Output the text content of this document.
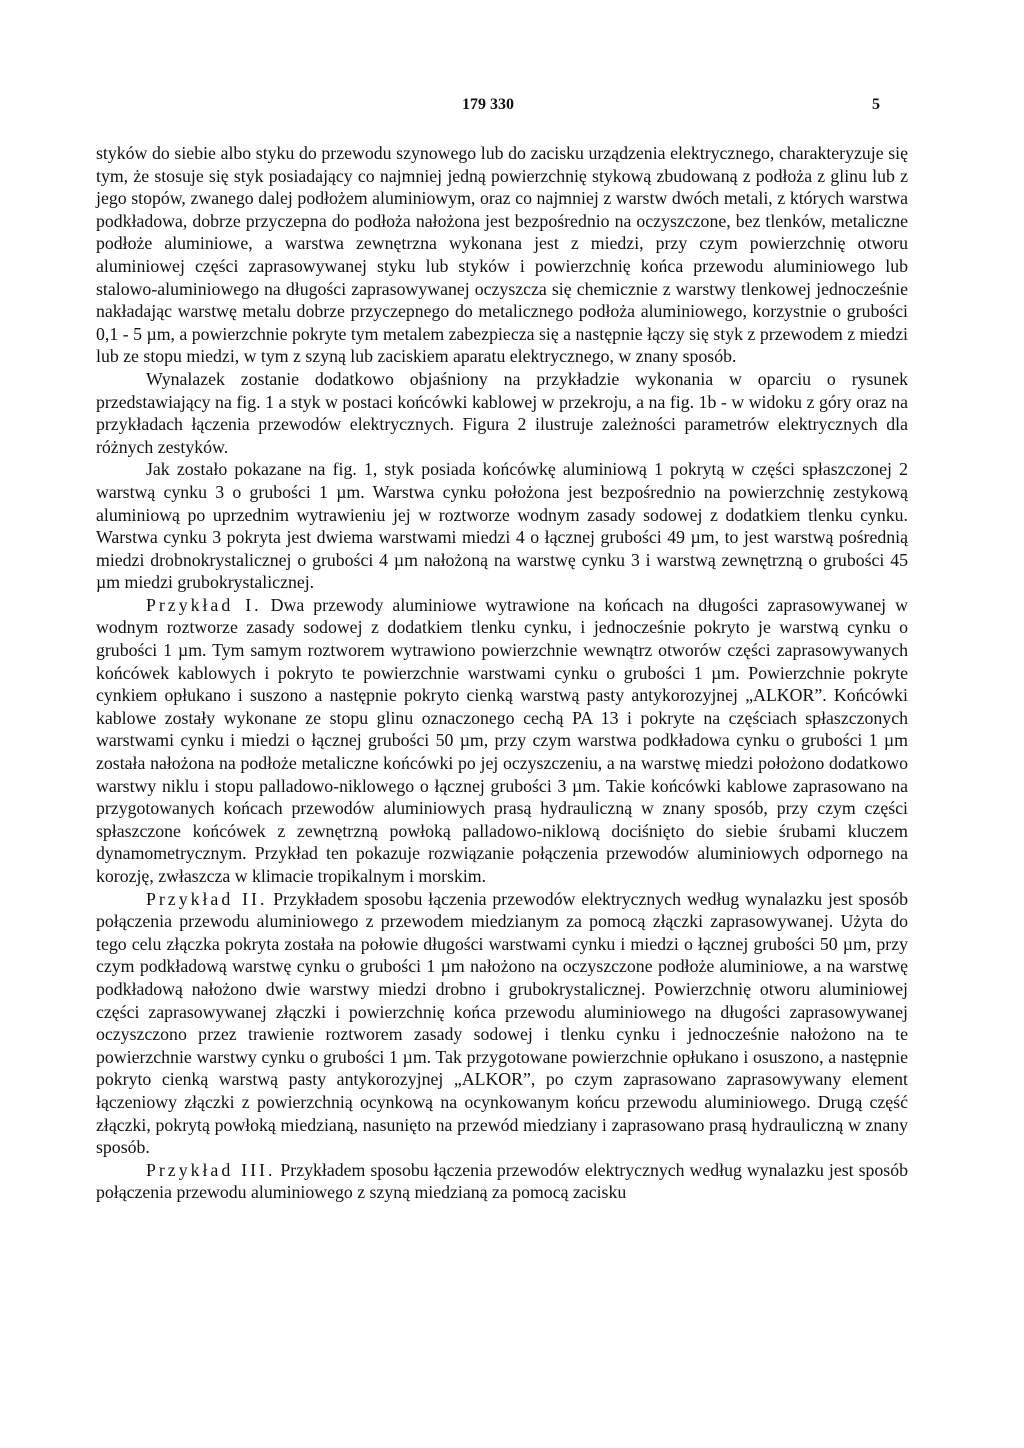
179 330	5

styków do siebie albo styku do przewodu szynowego lub do zacisku urządzenia elektrycznego, charakteryzuje się tym, że stosuje się styk posiadający co najmniej jedną powierzchnię stykową zbudowaną z podłoża z glinu lub z jego stopów, zwanego dalej podłożem aluminiowym, oraz co najmniej z warstw dwóch metali, z których warstwa podkładowa, dobrze przyczepna do podłoża nałożona jest bezpośrednio na oczyszczone, bez tlenków, metaliczne podłoże aluminiowe, a warstwa zewnętrzna wykonana jest z miedzi, przy czym powierzchnię otworu aluminiowej części zaprasowywanej styku lub styków i powierzchnię końca przewodu aluminiowego lub stalowo-aluminiowego na długości zaprasowywanej oczyszcza się chemicznie z warstwy tlenkowej jednocześnie nakładając warstwę metalu dobrze przyczepnego do metalicznego podłoża aluminiowego, korzystnie o grubości 0,1 - 5 µm, a powierzchnie pokryte tym metalem zabezpiecza się a następnie łączy się styk z przewodem z miedzi lub ze stopu miedzi, w tym z szyną lub zaciskiem aparatu elektrycznego, w znany sposób.

Wynalazek zostanie dodatkowo objaśniony na przykładzie wykonania w oparciu o rysunek przedstawiający na fig. 1 a styk w postaci końcówki kablowej w przekroju, a na fig. 1b - w widoku z góry oraz na przykładach łączenia przewodów elektrycznych. Figura 2 ilustruje zależności parametrów elektrycznych dla różnych zestyków.

Jak zostało pokazane na fig. 1, styk posiada końcówkę aluminiową 1 pokrytą w części spłaszczonej 2 warstwą cynku 3 o grubości 1 µm. Warstwa cynku położona jest bezpośrednio na powierzchnię zestykową aluminiową po uprzednim wytrawieniu jej w roztworze wodnym zasady sodowej z dodatkiem tlenku cynku. Warstwa cynku 3 pokryta jest dwiema warstwami miedzi 4 o łącznej grubości 49 µm, to jest warstwą pośrednią miedzi drobnokrystalicznej o grubości 4 µm nałożoną na warstwę cynku 3 i warstwą zewnętrzną o grubości 45 µm miedzi grubokrystalicznej.

Przykład I. Dwa przewody aluminiowe wytrawione na końcach na długości zaprasowywanej w wodnym roztworze zasady sodowej z dodatkiem tlenku cynku, i jednocześnie pokryto je warstwą cynku o grubości 1 µm. Tym samym roztworem wytrawiono powierzchnie wewnątrz otworów części zaprasowywanych końcówek kablowych i pokryto te powierzchnie warstwami cynku o grubości 1 µm. Powierzchnie pokryte cynkiem opłukano i suszono a następnie pokryto cienką warstwą pasty antykorozyjnej „ALKOR”. Końcówki kablowe zostały wykonane ze stopu glinu oznaczonego cechą PA 13 i pokryte na częściach spłaszczonych warstwami cynku i miedzi o łącznej grubości 50 µm, przy czym warstwa podkładowa cynku o grubości 1 µm została nałożona na podłoże metaliczne końcówki po jej oczyszczeniu, a na warstwę miedzi położono dodatkowo warstwy niklu i stopu palladowo-niklowego o łącznej grubości 3 µm. Takie końcówki kablowe zaprasowano na przygotowanych końcach przewodów aluminiowych prasą hydrauliczną w znany sposób, przy czym części spłaszczone końcówek z zewnętrzną powłoką palladowo-niklową dociśnięto do siebie śrubami kluczem dynamometrycznym. Przykład ten pokazuje rozwiązanie połączenia przewodów aluminiowych odpornego na korozję, zwłaszcza w klimacie tropikalnym i morskim.

Przykład II. Przykładem sposobu łączenia przewodów elektrycznych według wynalazku jest sposób połączenia przewodu aluminiowego z przewodem miedzianym za pomocą złączki zaprasowywanej. Użyta do tego celu złączka pokryta została na połowie długości warstwami cynku i miedzi o łącznej grubości 50 µm, przy czym podkładową warstwę cynku o grubości 1 µm nałożono na oczyszczone podłoże aluminiowe, a na warstwę podkładową nałożono dwie warstwy miedzi drobno i grubokrystalicznej. Powierzchnię otworu aluminiowej części zaprasowywanej złączki i powierzchnię końca przewodu aluminiowego na długości zaprasowywanej oczyszczono przez trawienie roztworem zasady sodowej i tlenku cynku i jednocześnie nałożono na te powierzchnie warstwy cynku o grubości 1 µm. Tak przygotowane powierzchnie opłukano i osuszono, a następnie pokryto cienką warstwą pasty antykorozyjnej „ALKOR”, po czym zaprasowano zaprasowywany element łączeniowy złączki z powierzchnią ocynkową na ocynkowanym końcu przewodu aluminiowego. Drugą część złączki, pokrytą powłoką miedzianą, nasunięto na przewód miedziany i zaprasowano prasą hydrauliczną w znany sposób.

Przykład III. Przykładem sposobu łączenia przewodów elektrycznych według wynalazku jest sposób połączenia przewodu aluminiowego z szyną miedzianą za pomocą zacisku
